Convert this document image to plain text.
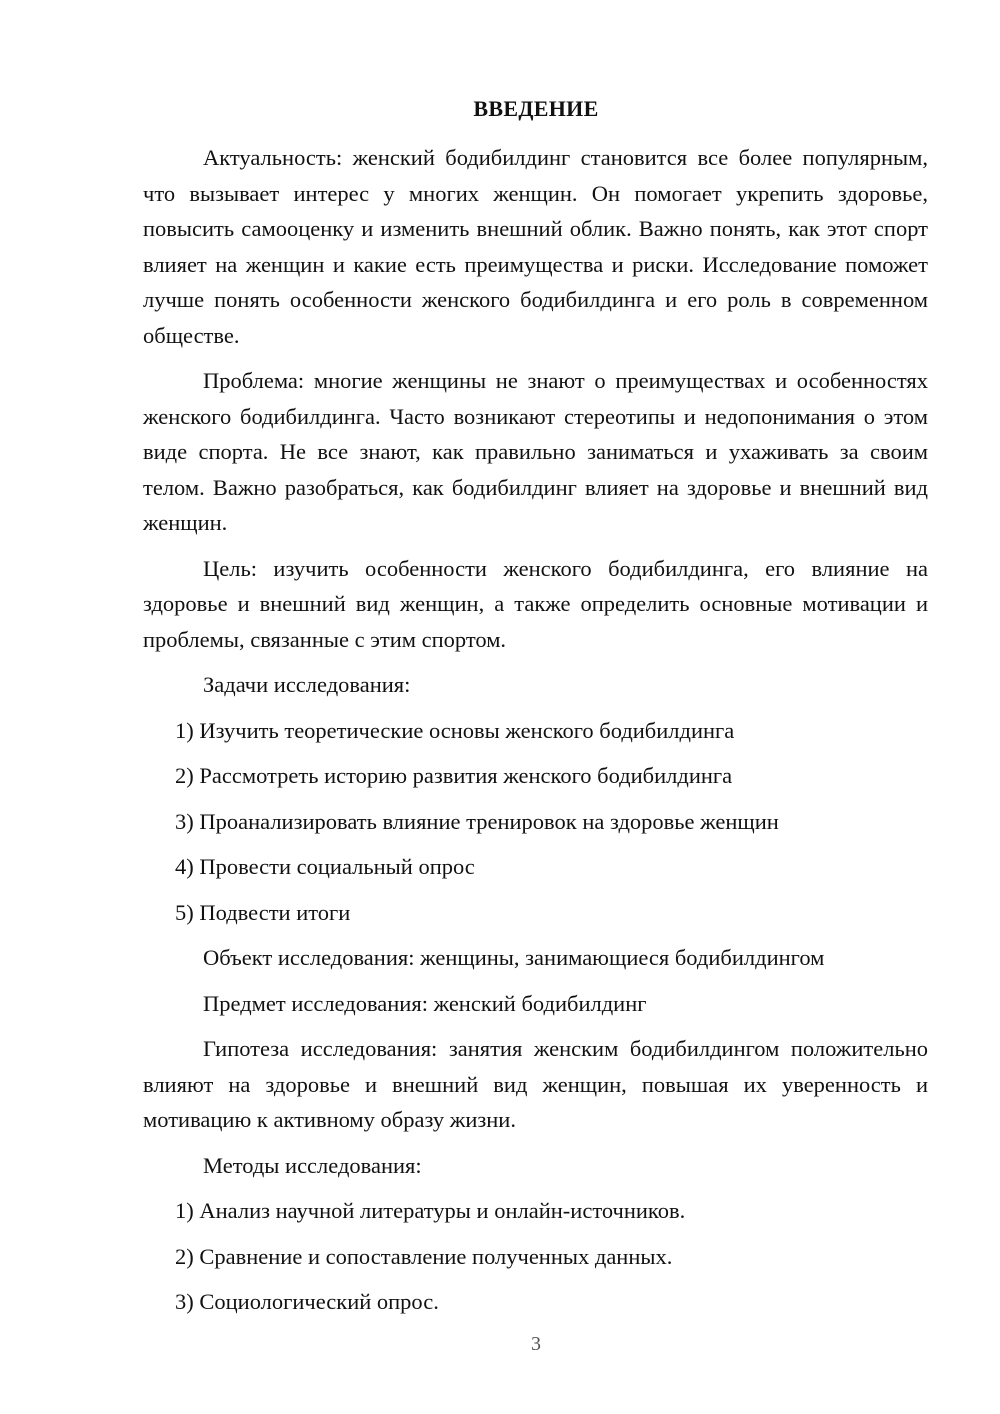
ВВЕДЕНИЕ

Актуальность: женский бодибилдинг становится все более популярным, что вызывает интерес у многих женщин. Он помогает укрепить здоровье, повысить самооценку и изменить внешний облик. Важно понять, как этот спорт влияет на женщин и какие есть преимущества и риски. Исследование поможет лучше понять особенности женского бодибилдинга и его роль в современном обществе.

Проблема: многие женщины не знают о преимуществах и особенностях женского бодибилдинга. Часто возникают стереотипы и недопонимания о этом виде спорта. Не все знают, как правильно заниматься и ухаживать за своим телом. Важно разобраться, как бодибилдинг влияет на здоровье и внешний вид женщин.

Цель: изучить особенности женского бодибилдинга, его влияние на здоровье и внешний вид женщин, а также определить основные мотивации и проблемы, связанные с этим спортом.

Задачи исследования:
1) Изучить теоретические основы женского бодибилдинга
2) Рассмотреть историю развития женского бодибилдинга
3) Проанализировать влияние тренировок на здоровье женщин
4) Провести социальный опрос
5) Подвести итоги
Объект исследования: женщины, занимающиеся бодибилдингом
Предмет исследования: женский бодибилдинг

Гипотеза исследования: занятия женским бодибилдингом положительно влияют на здоровье и внешний вид женщин, повышая их уверенность и мотивацию к активному образу жизни.

Методы исследования:
1) Анализ научной литературы и онлайн-источников.
2) Сравнение и сопоставление полученных данных.
3) Социологический опрос.
3
